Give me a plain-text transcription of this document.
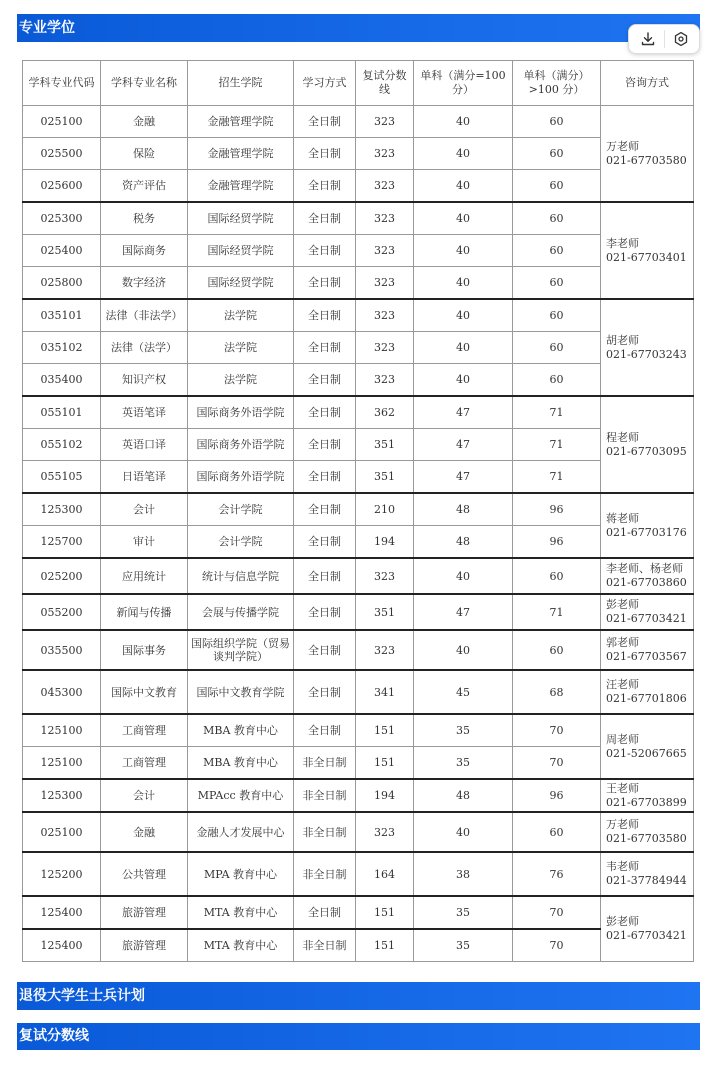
专业学位
学科专业代码	学科专业名称	招生学院	学习方式	复试分数线	单科（满分=100 分）	单科（满分）>100 分）	咨询方式
025100	金融	金融管理学院	全日制	323	40	60	万老师
021-67703580
025500	保险	金融管理学院	全日制	323	40	60	
025600	资产评估	金融管理学院	全日制	323	40	60	
025300	税务	国际经贸学院	全日制	323	40	60	李老师
021-67703401
025400	国际商务	国际经贸学院	全日制	323	40	60	
025800	数字经济	国际经贸学院	全日制	323	40	60	
035101	法律（非法学）	法学院	全日制	323	40	60	胡老师
021-67703243
035102	法律（法学）	法学院	全日制	323	40	60	
035400	知识产权	法学院	全日制	323	40	60	
055101	英语笔译	国际商务外语学院	全日制	362	47	71	程老师
021-67703095
055102	英语口译	国际商务外语学院	全日制	351	47	71	
055105	日语笔译	国际商务外语学院	全日制	351	47	71	
125300	会计	会计学院	全日制	210	48	96	蒋老师
021-67703176
125700	审计	会计学院	全日制	194	48	96	
025200	应用统计	统计与信息学院	全日制	323	40	60	李老师、杨老师
021-67703860
055200	新闻与传播	会展与传播学院	全日制	351	47	71	彭老师
021-67703421
035500	国际事务	国际组织学院（贸易谈判学院）	全日制	323	40	60	郭老师
021-67703567
045300	国际中文教育	国际中文教育学院	全日制	341	45	68	汪老师
021-67701806
125100	工商管理	MBA 教育中心	全日制	151	35	70	周老师
021-52067665
125100	工商管理	MBA 教育中心	非全日制	151	35	70	
125300	会计	MPAcc 教育中心	非全日制	194	48	96	王老师
021-67703899
025100	金融	金融人才发展中心	非全日制	323	40	60	万老师
021-67703580
125200	公共管理	MPA 教育中心	非全日制	164	38	76	韦老师
021-37784944
125400	旅游管理	MTA 教育中心	全日制	151	35	70	彭老师
021-67703421
125400	旅游管理	MTA 教育中心	非全日制	151	35	70	
退役大学生士兵计划
复试分数线
